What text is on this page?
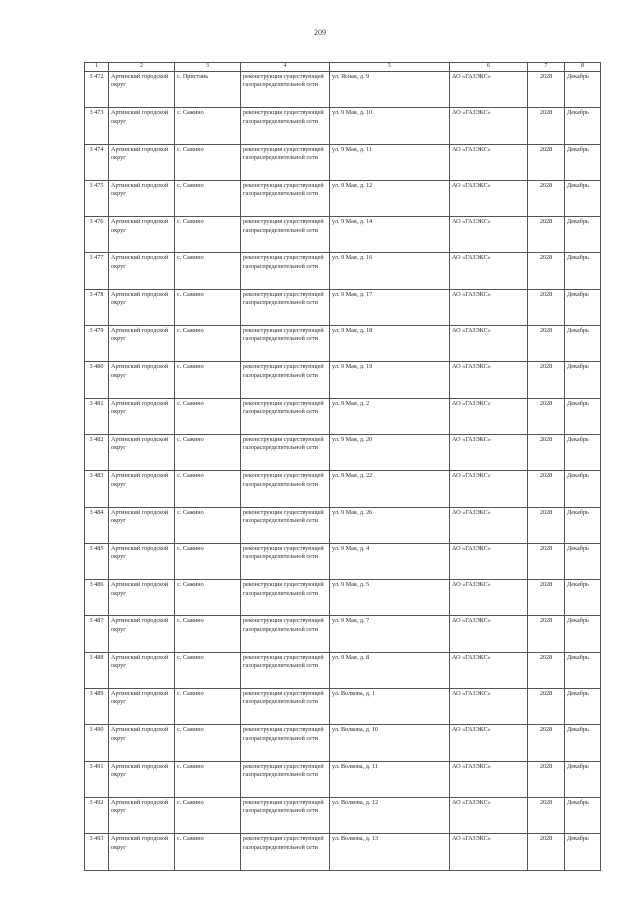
209
1	2	3	4	5	6	7	8
3 472	Артинский городской округ	с. Пристань	реконструкция существующей газораспределительной сети	ул. Ясная, д. 9	АО «ГАЗЭКС»	2028	Декабрь
3 473	Артинский городской округ	с. Сажино	реконструкция существующей газораспределительной сети	ул. 9 Мая, д. 10	АО «ГАЗЭКС»	2028	Декабрь
3 474	Артинский городской округ	с. Сажино	реконструкция существующей газораспределительной сети	ул. 9 Мая, д. 11	АО «ГАЗЭКС»	2028	Декабрь
3 475	Артинский городской округ	с. Сажино	реконструкция существующей газораспределительной сети	ул. 9 Мая, д. 12	АО «ГАЗЭКС»	2028	Декабрь
3 476	Артинский городской округ	с. Сажино	реконструкция существующей газораспределительной сети	ул. 9 Мая, д. 14	АО «ГАЗЭКС»	2028	Декабрь
3 477	Артинский городской округ	с. Сажино	реконструкция существующей газораспределительной сети	ул. 9 Мая, д. 16	АО «ГАЗЭКС»	2028	Декабрь
3 478	Артинский городской округ	с. Сажино	реконструкция существующей газораспределительной сети	ул. 9 Мая, д. 17	АО «ГАЗЭКС»	2028	Декабрь
3 479	Артинский городской округ	с. Сажино	реконструкция существующей газораспределительной сети	ул. 9 Мая, д. 18	АО «ГАЗЭКС»	2028	Декабрь
3 480	Артинский городской округ	с. Сажино	реконструкция существующей газораспределительной сети	ул. 9 Мая, д. 19	АО «ГАЗЭКС»	2028	Декабрь
3 481	Артинский городской округ	с. Сажино	реконструкция существующей газораспределительной сети	ул. 9 Мая, д. 2	АО «ГАЗЭКС»	2028	Декабрь
3 482	Артинский городской округ	с. Сажино	реконструкция существующей газораспределительной сети	ул. 9 Мая, д. 20	АО «ГАЗЭКС»	2028	Декабрь
3 483	Артинский городской округ	с. Сажино	реконструкция существующей газораспределительной сети	ул. 9 Мая, д. 22	АО «ГАЗЭКС»	2028	Декабрь
3 484	Артинский городской округ	с. Сажино	реконструкция существующей газораспределительной сети	ул. 9 Мая, д. 26	АО «ГАЗЭКС»	2028	Декабрь
3 485	Артинский городской округ	с. Сажино	реконструкция существующей газораспределительной сети	ул. 9 Мая, д. 4	АО «ГАЗЭКС»	2028	Декабрь
3 486	Артинский городской округ	с. Сажино	реконструкция существующей газораспределительной сети	ул. 9 Мая, д. 5	АО «ГАЗЭКС»	2028	Декабрь
3 487	Артинский городской округ	с. Сажино	реконструкция существующей газораспределительной сети	ул. 9 Мая, д. 7	АО «ГАЗЭКС»	2028	Декабрь
3 488	Артинский городской округ	с. Сажино	реконструкция существующей газораспределительной сети	ул. 9 Мая, д. 8	АО «ГАЗЭКС»	2028	Декабрь
3 489	Артинский городской округ	с. Сажино	реконструкция существующей газораспределительной сети	ул. Волкова, д. 1	АО «ГАЗЭКС»	2028	Декабрь
3 490	Артинский городской округ	с. Сажино	реконструкция существующей газораспределительной сети	ул. Волкова, д. 10	АО «ГАЗЭКС»	2028	Декабрь
3 491	Артинский городской округ	с. Сажино	реконструкция существующей газораспределительной сети	ул. Волкова, д. 11	АО «ГАЗЭКС»	2028	Декабрь
3 492	Артинский городской округ	с. Сажино	реконструкция существующей газораспределительной сети	ул. Волкова, д. 12	АО «ГАЗЭКС»	2028	Декабрь
3 493	Артинский городской округ	с. Сажино	реконструкция существующей газораспределительной сети	ул. Волкова, д. 13	АО «ГАЗЭКС»	2028	Декабрь
